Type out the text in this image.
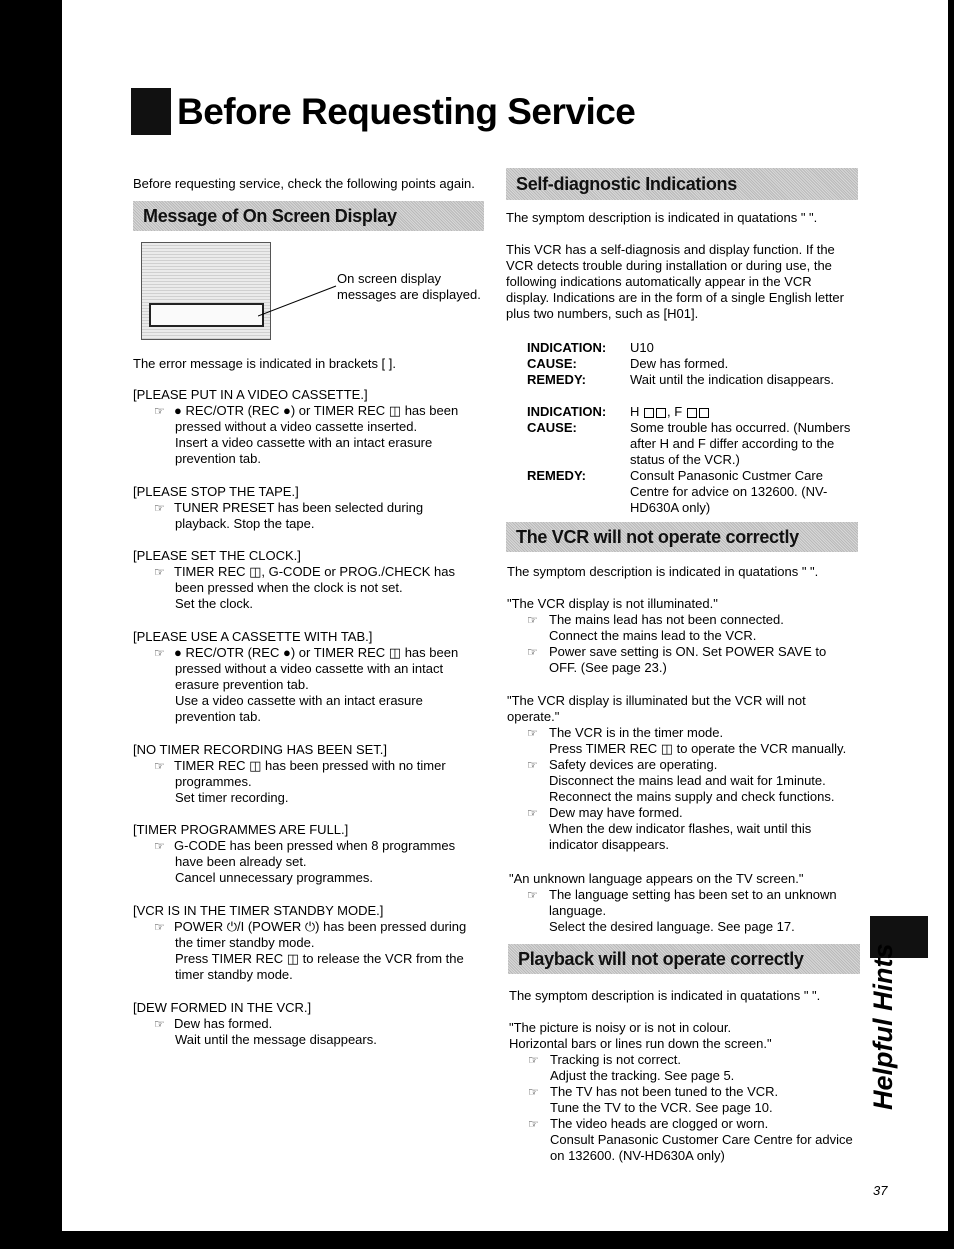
Before Requesting Service
Before requesting service, check the following points again.
Message of On Screen Display
On screen display
messages are displayed.
The error message is indicated in brackets [ ].
[PLEASE PUT IN A VIDEO CASSETTE.]
☞ ● REC/OTR (REC ●) or TIMER REC ◫ has been
pressed without a video cassette inserted.
Insert a video cassette with an intact erasure
prevention tab.
[PLEASE STOP THE TAPE.]
☞ TUNER PRESET has been selected during
playback. Stop the tape.
[PLEASE SET THE CLOCK.]
☞ TIMER REC ◫, G-CODE or PROG./CHECK has
been pressed when the clock is not set.
Set the clock.
[PLEASE USE A CASSETTE WITH TAB.]
☞ ● REC/OTR (REC ●) or TIMER REC ◫ has been
pressed without a video cassette with an intact
erasure prevention tab.
Use a video cassette with an intact erasure
prevention tab.
[NO TIMER RECORDING HAS BEEN SET.]
☞ TIMER REC ◫ has been pressed with no timer
programmes.
Set timer recording.
[TIMER PROGRAMMES ARE FULL.]
☞ G-CODE has been pressed when 8 programmes
have been already set.
Cancel unnecessary programmes.
[VCR IS IN THE TIMER STANDBY MODE.]
☞ POWER ⏻/I (POWER ⏻) has been pressed during
the timer standby mode.
Press TIMER REC ◫ to release the VCR from the
timer standby mode.
[DEW FORMED IN THE VCR.]
☞ Dew has formed.
Wait until the message disappears.
Self-diagnostic Indications
The symptom description is indicated in quatations " ".
This VCR has a self-diagnosis and display function. If the
VCR detects trouble during installation or during use, the
following indications automatically appear in the VCR
display. Indications are in the form of a single English letter
plus two numbers, such as [H01].
INDICATION: U10
CAUSE:	Dew has formed.
REMEDY:	Wait until the indication disappears.
INDICATION: H , F
CAUSE:	Some trouble has occurred. (Numbers
after H and F differ according to the
status of the VCR.)
REMEDY:	Consult Panasonic Custmer Care
Centre for advice on 132600. (NV-
HD630A only)
The VCR will not operate correctly
The symptom description is indicated in quatations " ".
"The VCR display is not illuminated."
☞ The mains lead has not been connected.
Connect the mains lead to the VCR.
☞ Power save setting is ON. Set POWER SAVE to
OFF. (See page 23.)
"The VCR display is illuminated but the VCR will not
operate."
☞ The VCR is in the timer mode.
Press TIMER REC ◫ to operate the VCR manually.
☞ Safety devices are operating.
Disconnect the mains lead and wait for 1minute.
Reconnect the mains supply and check functions.
☞ Dew may have formed.
When the dew indicator flashes, wait until this
indicator disappears.
"An unknown language appears on the TV screen."
☞ The language setting has been set to an unknown
language.
Select the desired language. See page 17.
Playback will not operate correctly
The symptom description is indicated in quatations " ".
"The picture is noisy or is not in colour.
Horizontal bars or lines run down the screen."
☞ Tracking is not correct.
Adjust the tracking. See page 5.
☞ The TV has not been tuned to the VCR.
Tune the TV to the VCR. See page 10.
☞ The video heads are clogged or worn.
Consult Panasonic Customer Care Centre for advice
on 132600. (NV-HD630A only)
Helpful Hints
37
